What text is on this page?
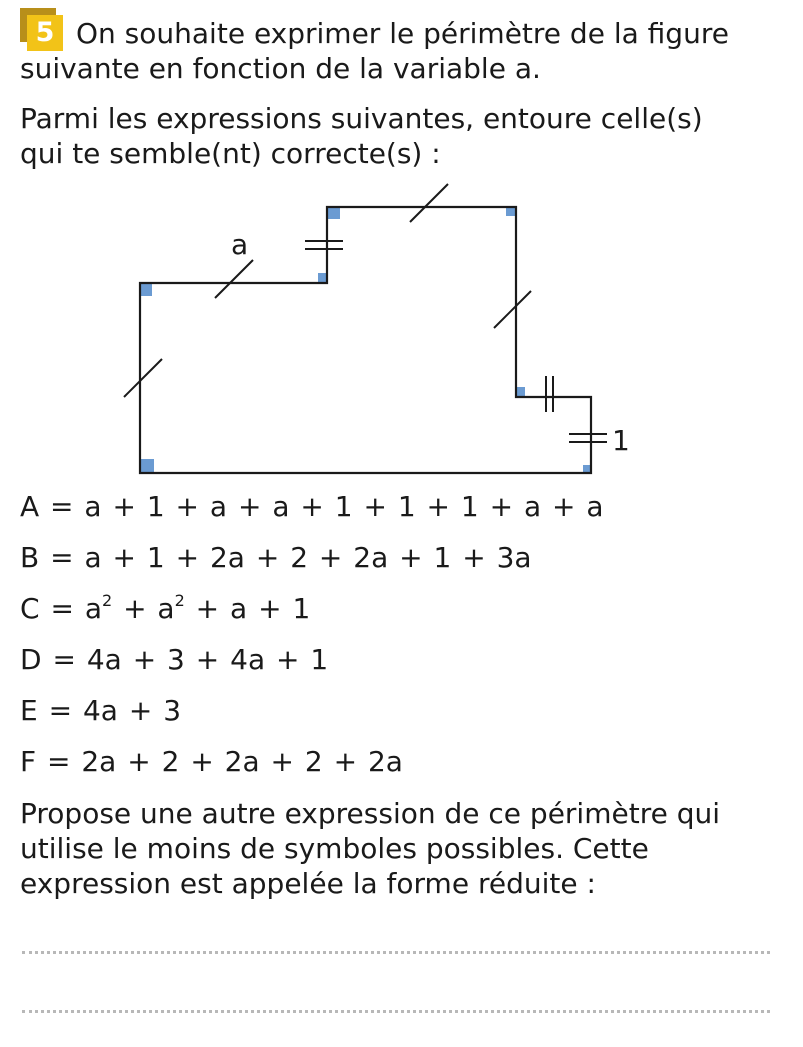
5 On souhaite exprimer le périmètre de la figure

suivante en fonction de la variable a.

Parmi les expressions suivantes, entoure celle(s)
qui te semble(nt) correcte(s) :

a
1
A = a + 1 + a + a + 1 + 1 + 1 + a + a
B = a + 1 + 2a + 2 + 2a + 1 + 3a
$C = a^2 + a^2 + a + 1$
D = 4a + 3 + 4a + 1
E = 4a + 3
F = 2a + 2 + 2a + 2 + 2a

Propose une autre expression de ce périmètre qui
utilise le moins de symboles possibles. Cette
expression est appelée la forme réduite :
